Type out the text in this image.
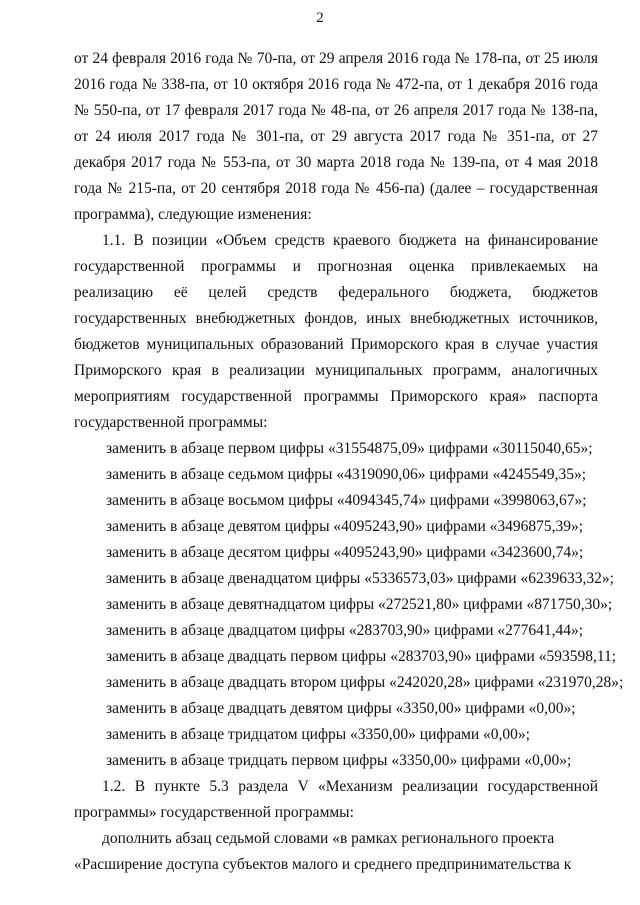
2

от 24 февраля 2016 года № 70-па, от 29 апреля 2016 года № 178-па, от 25 июля 2016 года № 338-па, от 10 октября 2016 года № 472-па, от 1 декабря 2016 года № 550-па, от 17 февраля 2017 года № 48-па, от 26 апреля 2017 года № 138-па, от 24 июля 2017 года № 301-па, от 29 августа 2017 года № 351-па, от 27 декабря 2017 года № 553-па, от 30 марта 2018 года № 139-па, от 4 мая 2018 года № 215-па, от 20 сентября 2018 года № 456-па) (далее – государственная программа), следующие изменения:

1.1. В позиции «Объем средств краевого бюджета на финансирование государственной программы и прогнозная оценка привлекаемых на реализацию её целей средств федерального бюджета, бюджетов государственных внебюджетных фондов, иных внебюджетных источников, бюджетов муниципальных образований Приморского края в случае участия Приморского края в реализации муниципальных программ, аналогичных мероприятиям государственной программы Приморского края» паспорта государственной программы:

заменить в абзаце первом цифры «31554875,09» цифрами «30115040,65»;

заменить в абзаце седьмом цифры «4319090,06» цифрами «4245549,35»;

заменить в абзаце восьмом цифры «4094345,74» цифрами «3998063,67»;

заменить в абзаце девятом цифры «4095243,90» цифрами «3496875,39»;

заменить в абзаце десятом цифры «4095243,90» цифрами «3423600,74»;

заменить в абзаце двенадцатом цифры «5336573,03» цифрами «6239633,32»;

заменить в абзаце девятнадцатом цифры «272521,80» цифрами «871750,30»;

заменить в абзаце двадцатом цифры «283703,90» цифрами «277641,44»;

заменить в абзаце двадцать первом цифры «283703,90» цифрами «593598,11;

заменить в абзаце двадцать втором цифры «242020,28» цифрами «231970,28»;

заменить в абзаце двадцать девятом цифры «3350,00» цифрами «0,00»;

заменить в абзаце тридцатом цифры «3350,00» цифрами «0,00»;

заменить в абзаце тридцать первом цифры «3350,00» цифрами «0,00»;

1.2. В пункте 5.3 раздела V «Механизм реализации государственной программы» государственной программы:

дополнить абзац седьмой словами «в рамках регионального проекта

«Расширение доступа субъектов малого и среднего предпринимательства к
